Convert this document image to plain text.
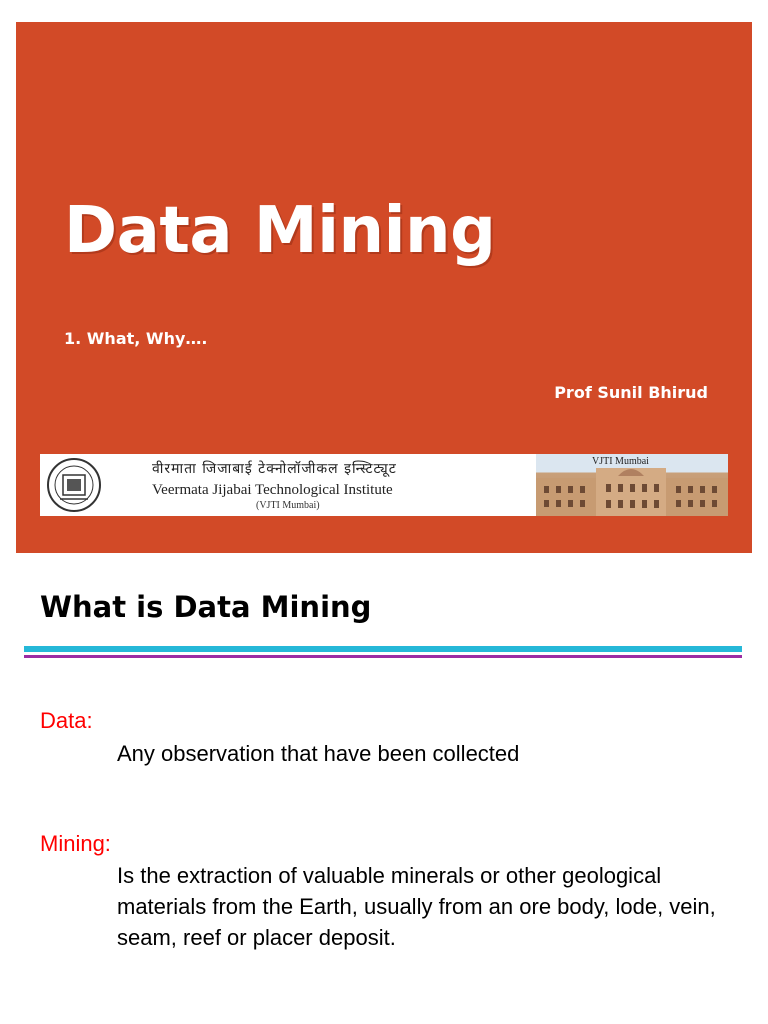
Data Mining
1. What, Why….
Prof Sunil Bhirud
वीरमाता जिजाबाई टेक्नोलॉजीकल इन्स्टिट्यूट
Veermata Jijabai Technological Institute
(VJTI Mumbai)
VJTI Mumbai
What is Data Mining
Data:
Any observation that have been collected
Mining:
Is the extraction of valuable minerals or other geological materials from the Earth, usually from an ore body, lode, vein, seam, reef or placer deposit.
